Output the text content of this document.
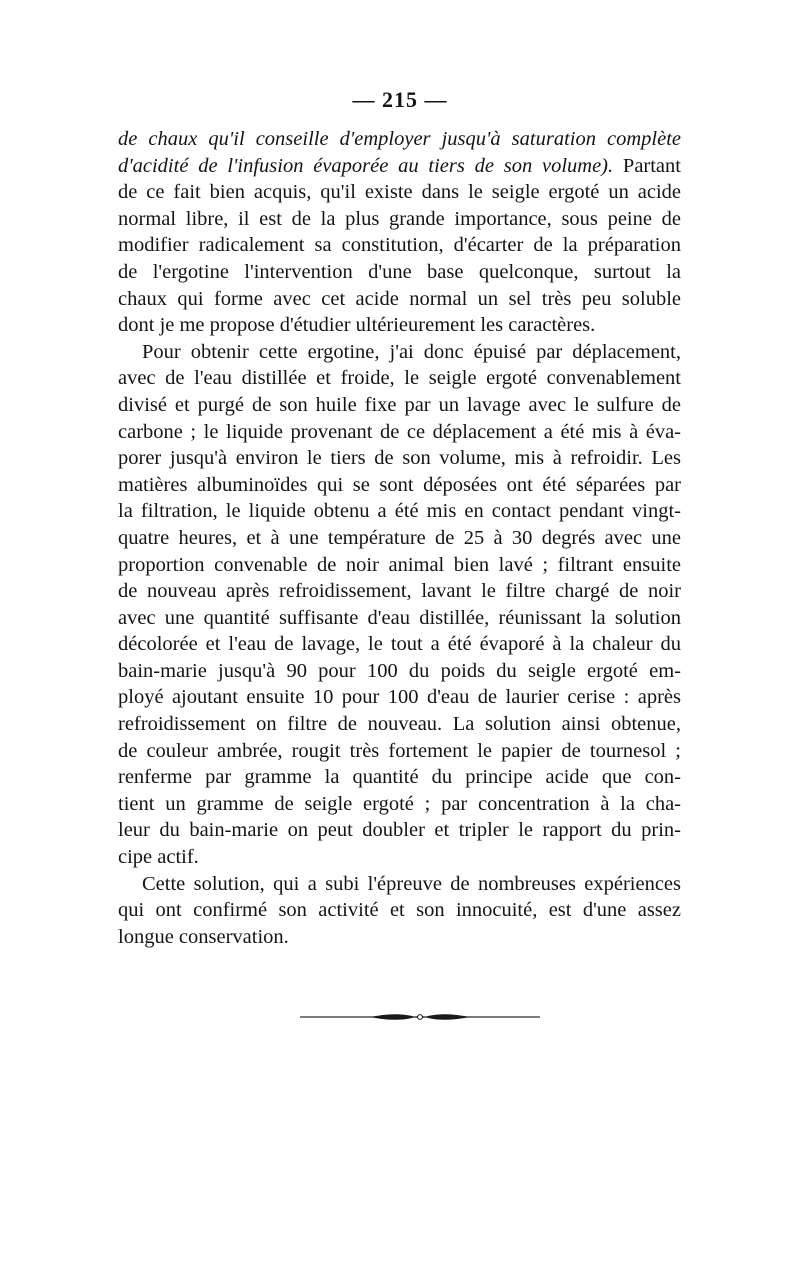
— 215 —
de chaux qu'il conseille d'employer jusqu'à saturation complète
d'acidité de l'infusion évaporée au tiers de son volume). Partant
de ce fait bien acquis, qu'il existe dans le seigle ergoté un acide
normal libre, il est de la plus grande importance, sous peine de
modifier radicalement sa constitution, d'écarter de la préparation
de l'ergotine l'intervention d'une base quelconque, surtout la
chaux qui forme avec cet acide normal un sel très peu soluble
dont je me propose d'étudier ultérieurement les caractères.
Pour obtenir cette ergotine, j'ai donc épuisé par déplacement,
avec de l'eau distillée et froide, le seigle ergoté convenablement
divisé et purgé de son huile fixe par un lavage avec le sulfure de
carbone ; le liquide provenant de ce déplacement a été mis à éva-
porer jusqu'à environ le tiers de son volume, mis à refroidir. Les
matières albuminoïdes qui se sont déposées ont été séparées par
la filtration, le liquide obtenu a été mis en contact pendant vingt-
quatre heures, et à une température de 25 à 30 degrés avec une
proportion convenable de noir animal bien lavé ; filtrant ensuite
de nouveau après refroidissement, lavant le filtre chargé de noir
avec une quantité suffisante d'eau distillée, réunissant la solution
décolorée et l'eau de lavage, le tout a été évaporé à la chaleur du
bain-marie jusqu'à 90 pour 100 du poids du seigle ergoté em-
ployé ajoutant ensuite 10 pour 100 d'eau de laurier cerise : après
refroidissement on filtre de nouveau. La solution ainsi obtenue,
de couleur ambrée, rougit très fortement le papier de tournesol ;
renferme par gramme la quantité du principe acide que con-
tient un gramme de seigle ergoté ; par concentration à la cha-
leur du bain-marie on peut doubler et tripler le rapport du prin-
cipe actif.
Cette solution, qui a subi l'épreuve de nombreuses expériences
qui ont confirmé son activité et son innocuité, est d'une assez
longue conservation.
